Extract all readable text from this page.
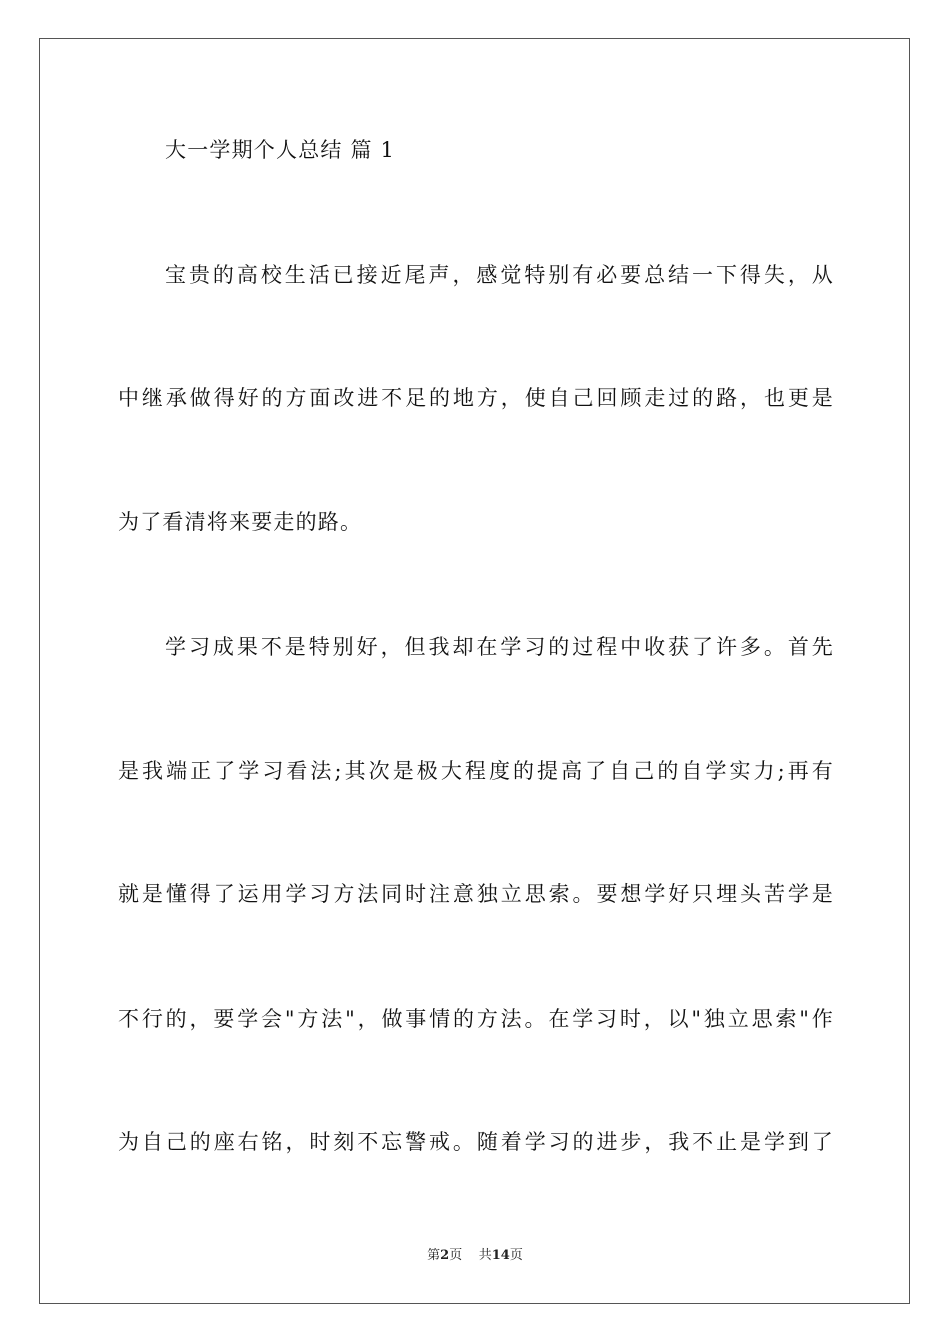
大一学期个人总结 篇 1
宝贵的高校生活已接近尾声，感觉特别有必要总结一下得失，从
中继承做得好的方面改进不足的地方，使自己回顾走过的路，也更是
为了看清将来要走的路。
学习成果不是特别好，但我却在学习的过程中收获了许多。首先
是我端正了学习看法;其次是极大程度的提高了自己的自学实力;再有
就是懂得了运用学习方法同时注意独立思索。要想学好只埋头苦学是
不行的，要学会"方法"，做事情的方法。在学习时，以"独立思索"作
为自己的座右铭，时刻不忘警戒。随着学习的进步，我不止是学到了
第2页 共14页
